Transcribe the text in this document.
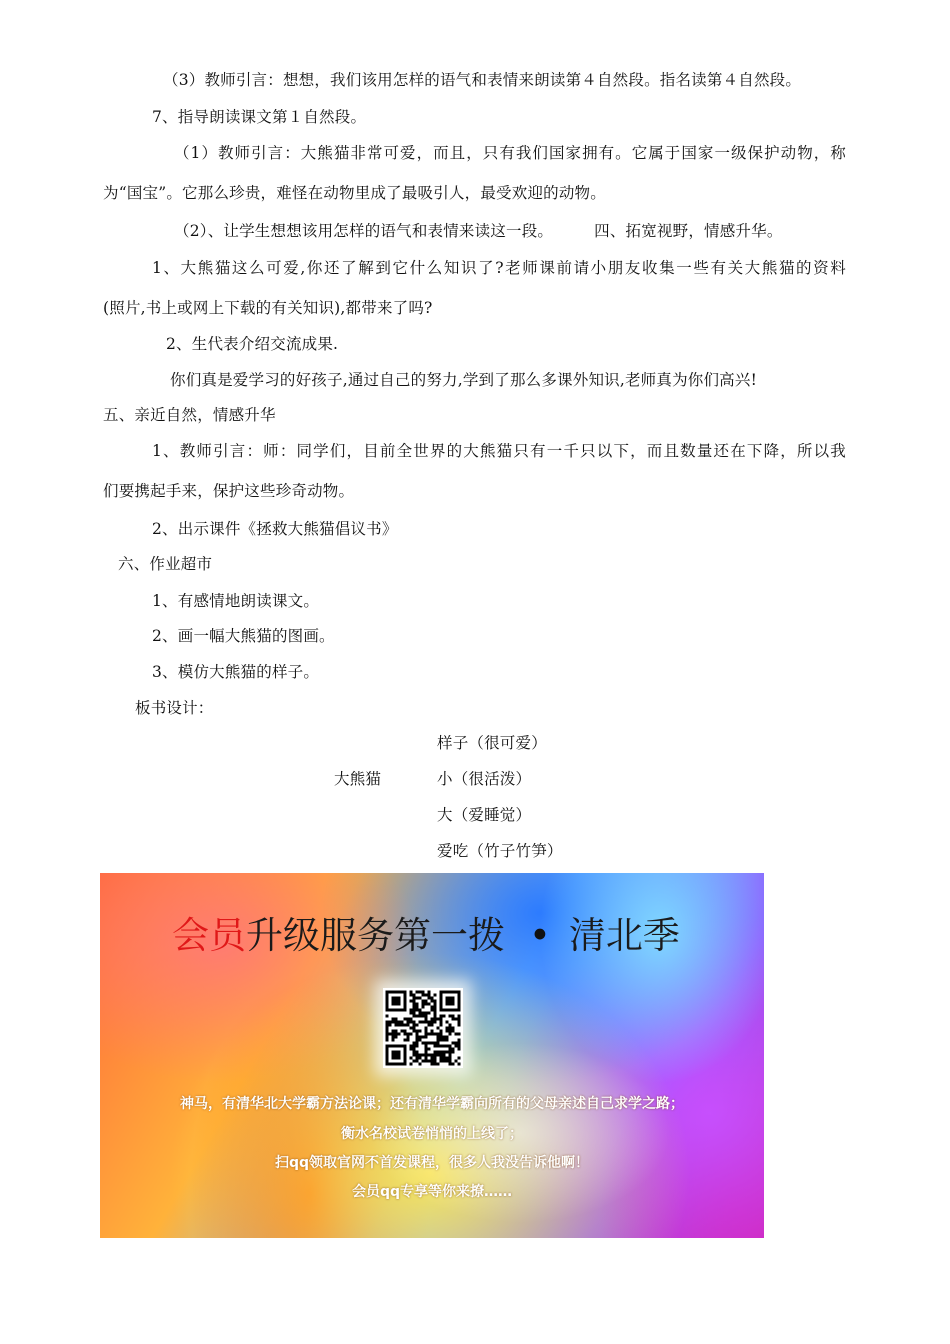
（3）教师引言：想想，我们该用怎样的语气和表情来朗读第４自然段。指名读第４自然段。
7、指导朗读课文第１自然段。
（1）教师引言：大熊猫非常可爱，而且，只有我们国家拥有。它属于国家一级保护动物，称
为“国宝”。它那么珍贵，难怪在动物里成了最吸引人，最受欢迎的动物。
（2）、让学生想想该用怎样的语气和表情来读这一段。        四、拓宽视野，情感升华。
1、大熊猫这么可爱,你还了解到它什么知识了?老师课前请小朋友收集一些有关大熊猫的资料
(照片,书上或网上下载的有关知识),都带来了吗?
2、生代表介绍交流成果.
你们真是爱学习的好孩子,通过自己的努力,学到了那么多课外知识,老师真为你们高兴!
五、亲近自然，情感升华
1、教师引言：师：同学们，目前全世界的大熊猫只有一千只以下，而且数量还在下降，所以我
们要携起手来，保护这些珍奇动物。
2、出示课件《拯救大熊猫倡议书》
六、作业超市
1、有感情地朗读课文。
2、画一幅大熊猫的图画。
3、模仿大熊猫的样子。
板书设计：
大熊猫
样子（很可爱）
小（很活泼）
大（爱睡觉）
爱吃（竹子竹笋）
会员升级服务第一拨 • 清北季
神马，有清华北大学霸方法论课；还有清华学霸向所有的父母亲述自己求学之路；
衡水名校试卷悄悄的上线了；
扫qq领取官网不首发课程，很多人我没告诉他啊！
会员qq专享等你来撩……
